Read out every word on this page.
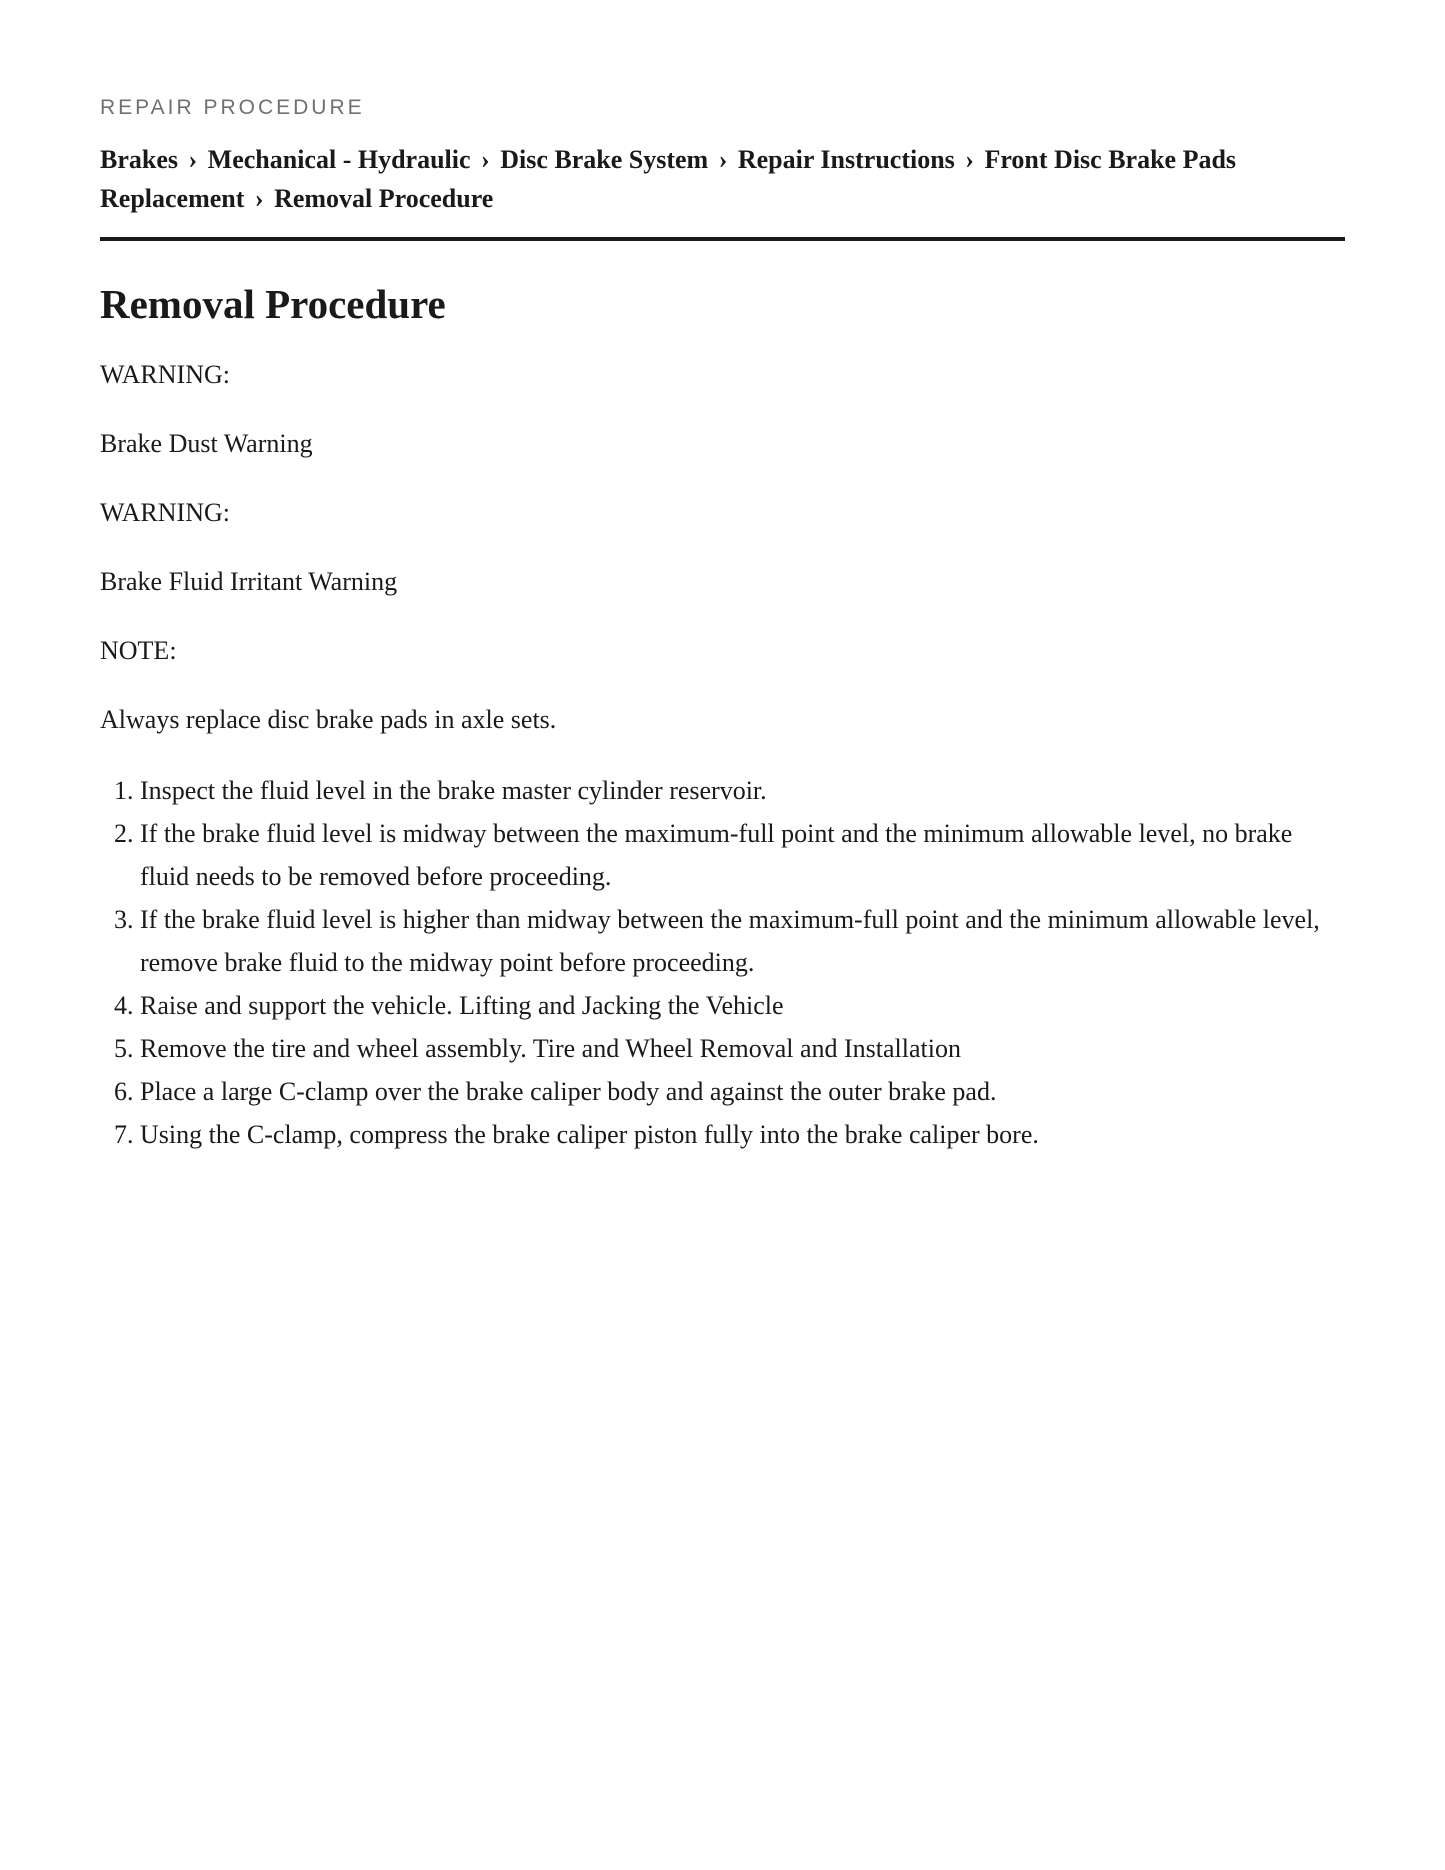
REPAIR PROCEDURE

Brakes › Mechanical - Hydraulic › Disc Brake System › Repair Instructions › Front Disc Brake Pads Replacement › Removal Procedure
Removal Procedure

WARNING:

Brake Dust Warning

WARNING:

Brake Fluid Irritant Warning

NOTE:

Always replace disc brake pads in axle sets.

1. Inspect the fluid level in the brake master cylinder reservoir.
2. If the brake fluid level is midway between the maximum-full point and the minimum allowable level, no brake fluid needs to be removed before proceeding.
3. If the brake fluid level is higher than midway between the maximum-full point and the minimum allowable level, remove brake fluid to the midway point before proceeding.
4. Raise and support the vehicle. Lifting and Jacking the Vehicle
5. Remove the tire and wheel assembly. Tire and Wheel Removal and Installation
6. Place a large C-clamp over the brake caliper body and against the outer brake pad.
7. Using the C-clamp, compress the brake caliper piston fully into the brake caliper bore.
